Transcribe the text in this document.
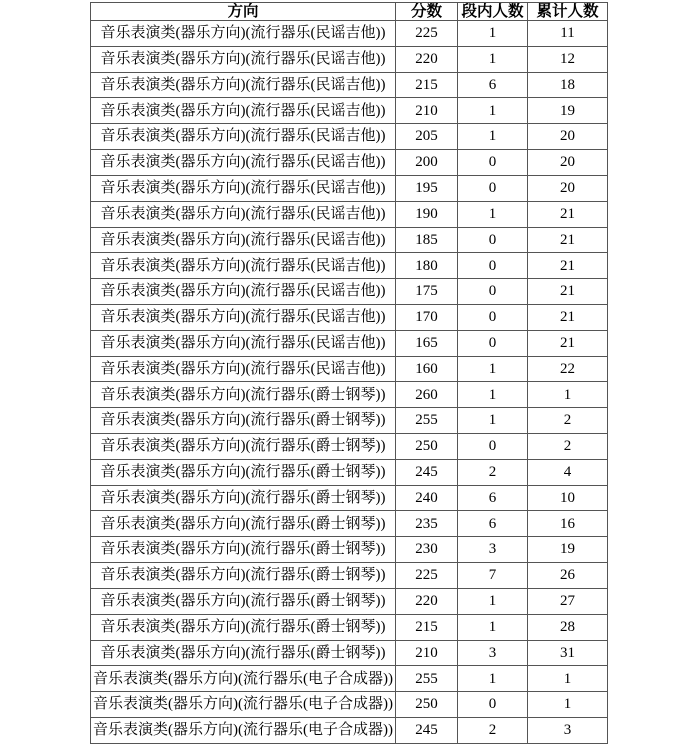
方向	分数	段内人数	累计人数
音乐表演类(器乐方向)(流行器乐(民谣吉他))	225	1	11
音乐表演类(器乐方向)(流行器乐(民谣吉他))	220	1	12
音乐表演类(器乐方向)(流行器乐(民谣吉他))	215	6	18
音乐表演类(器乐方向)(流行器乐(民谣吉他))	210	1	19
音乐表演类(器乐方向)(流行器乐(民谣吉他))	205	1	20
音乐表演类(器乐方向)(流行器乐(民谣吉他))	200	0	20
音乐表演类(器乐方向)(流行器乐(民谣吉他))	195	0	20
音乐表演类(器乐方向)(流行器乐(民谣吉他))	190	1	21
音乐表演类(器乐方向)(流行器乐(民谣吉他))	185	0	21
音乐表演类(器乐方向)(流行器乐(民谣吉他))	180	0	21
音乐表演类(器乐方向)(流行器乐(民谣吉他))	175	0	21
音乐表演类(器乐方向)(流行器乐(民谣吉他))	170	0	21
音乐表演类(器乐方向)(流行器乐(民谣吉他))	165	0	21
音乐表演类(器乐方向)(流行器乐(民谣吉他))	160	1	22
音乐表演类(器乐方向)(流行器乐(爵士钢琴))	260	1	1
音乐表演类(器乐方向)(流行器乐(爵士钢琴))	255	1	2
音乐表演类(器乐方向)(流行器乐(爵士钢琴))	250	0	2
音乐表演类(器乐方向)(流行器乐(爵士钢琴))	245	2	4
音乐表演类(器乐方向)(流行器乐(爵士钢琴))	240	6	10
音乐表演类(器乐方向)(流行器乐(爵士钢琴))	235	6	16
音乐表演类(器乐方向)(流行器乐(爵士钢琴))	230	3	19
音乐表演类(器乐方向)(流行器乐(爵士钢琴))	225	7	26
音乐表演类(器乐方向)(流行器乐(爵士钢琴))	220	1	27
音乐表演类(器乐方向)(流行器乐(爵士钢琴))	215	1	28
音乐表演类(器乐方向)(流行器乐(爵士钢琴))	210	3	31
音乐表演类(器乐方向)(流行器乐(电子合成器))	255	1	1
音乐表演类(器乐方向)(流行器乐(电子合成器))	250	0	1
音乐表演类(器乐方向)(流行器乐(电子合成器))	245	2	3
